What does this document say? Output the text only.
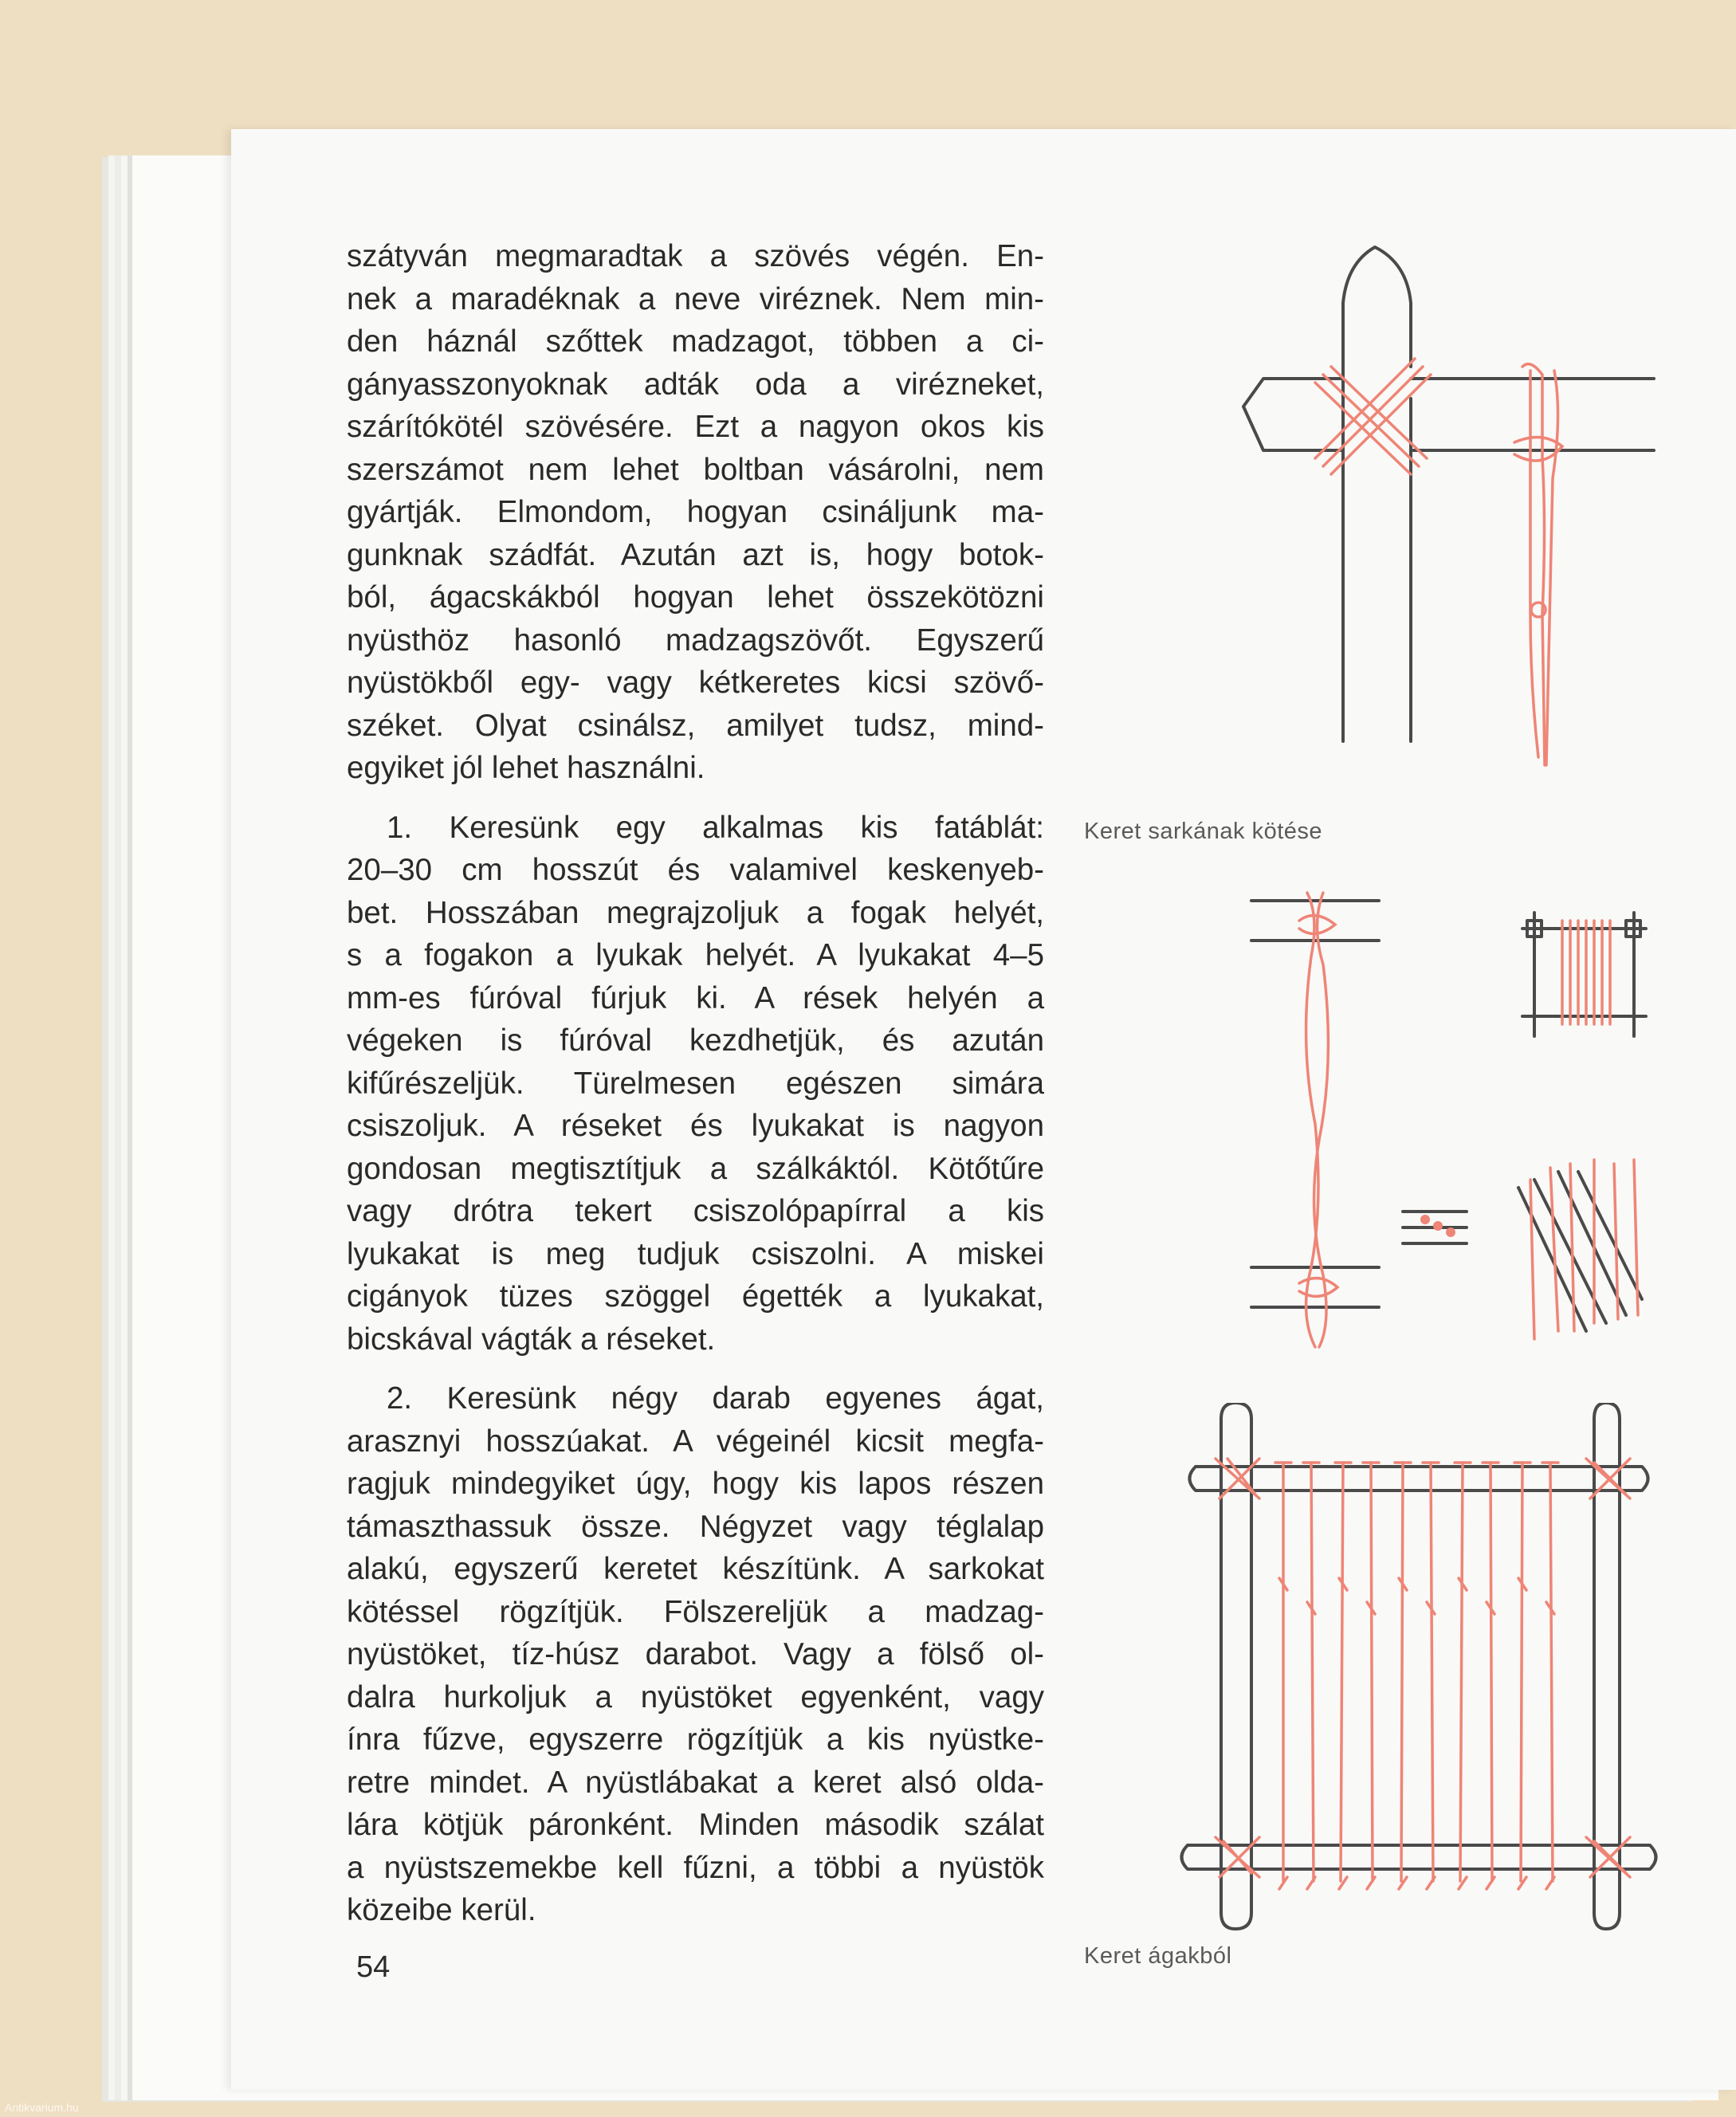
szátyván megmaradtak a szövés végén. En-
nek a maradéknak a neve viréznek. Nem min-
den háznál szőttek madzagot, többen a ci-
gányasszonyoknak adták oda a virézneket,
szárítókötél szövésére. Ezt a nagyon okos kis
szerszámot nem lehet boltban vásárolni, nem
gyártják. Elmondom, hogyan csináljunk ma-
gunknak szádfát. Azután azt is, hogy botok-
ból, ágacskákból hogyan lehet összekötözni
nyüsthöz hasonló madzagszövőt. Egyszerű
nyüstökből egy- vagy kétkeretes kicsi szövő-
széket. Olyat csinálsz, amilyet tudsz, mind-
egyiket jól lehet használni.
1. Keresünk egy alkalmas kis fatáblát:
20–30 cm hosszút és valamivel keskenyeb-
bet. Hosszában megrajzoljuk a fogak helyét,
s a fogakon a lyukak helyét. A lyukakat 4–5
mm-es fúróval fúrjuk ki. A rések helyén a
végeken is fúróval kezdhetjük, és azután
kifűrészeljük. Türelmesen egészen simára
csiszoljuk. A réseket és lyukakat is nagyon
gondosan megtisztítjuk a szálkáktól. Kötőtűre
vagy drótra tekert csiszolópapírral a kis
lyukakat is meg tudjuk csiszolni. A miskei
cigányok tüzes szöggel égették a lyukakat,
bicskával vágták a réseket.
2. Keresünk négy darab egyenes ágat,
arasznyi hosszúakat. A végeinél kicsit megfa-
ragjuk mindegyiket úgy, hogy kis lapos részen
támaszthassuk össze. Négyzet vagy téglalap
alakú, egyszerű keretet készítünk. A sarkokat
kötéssel rögzítjük. Fölszereljük a madzag-
nyüstöket, tíz-húsz darabot. Vagy a fölső ol-
dalra hurkoljuk a nyüstöket egyenként, vagy
ínra fűzve, egyszerre rögzítjük a kis nyüstke-
retre mindet. A nyüstlábakat a keret alsó olda-
lára kötjük páronként. Minden második szálat
a nyüstszemekbe kell fűzni, a többi a nyüstök
közeibe kerül.
54
Keret sarkának kötése
Keret ágakból
Antikvarium.hu
